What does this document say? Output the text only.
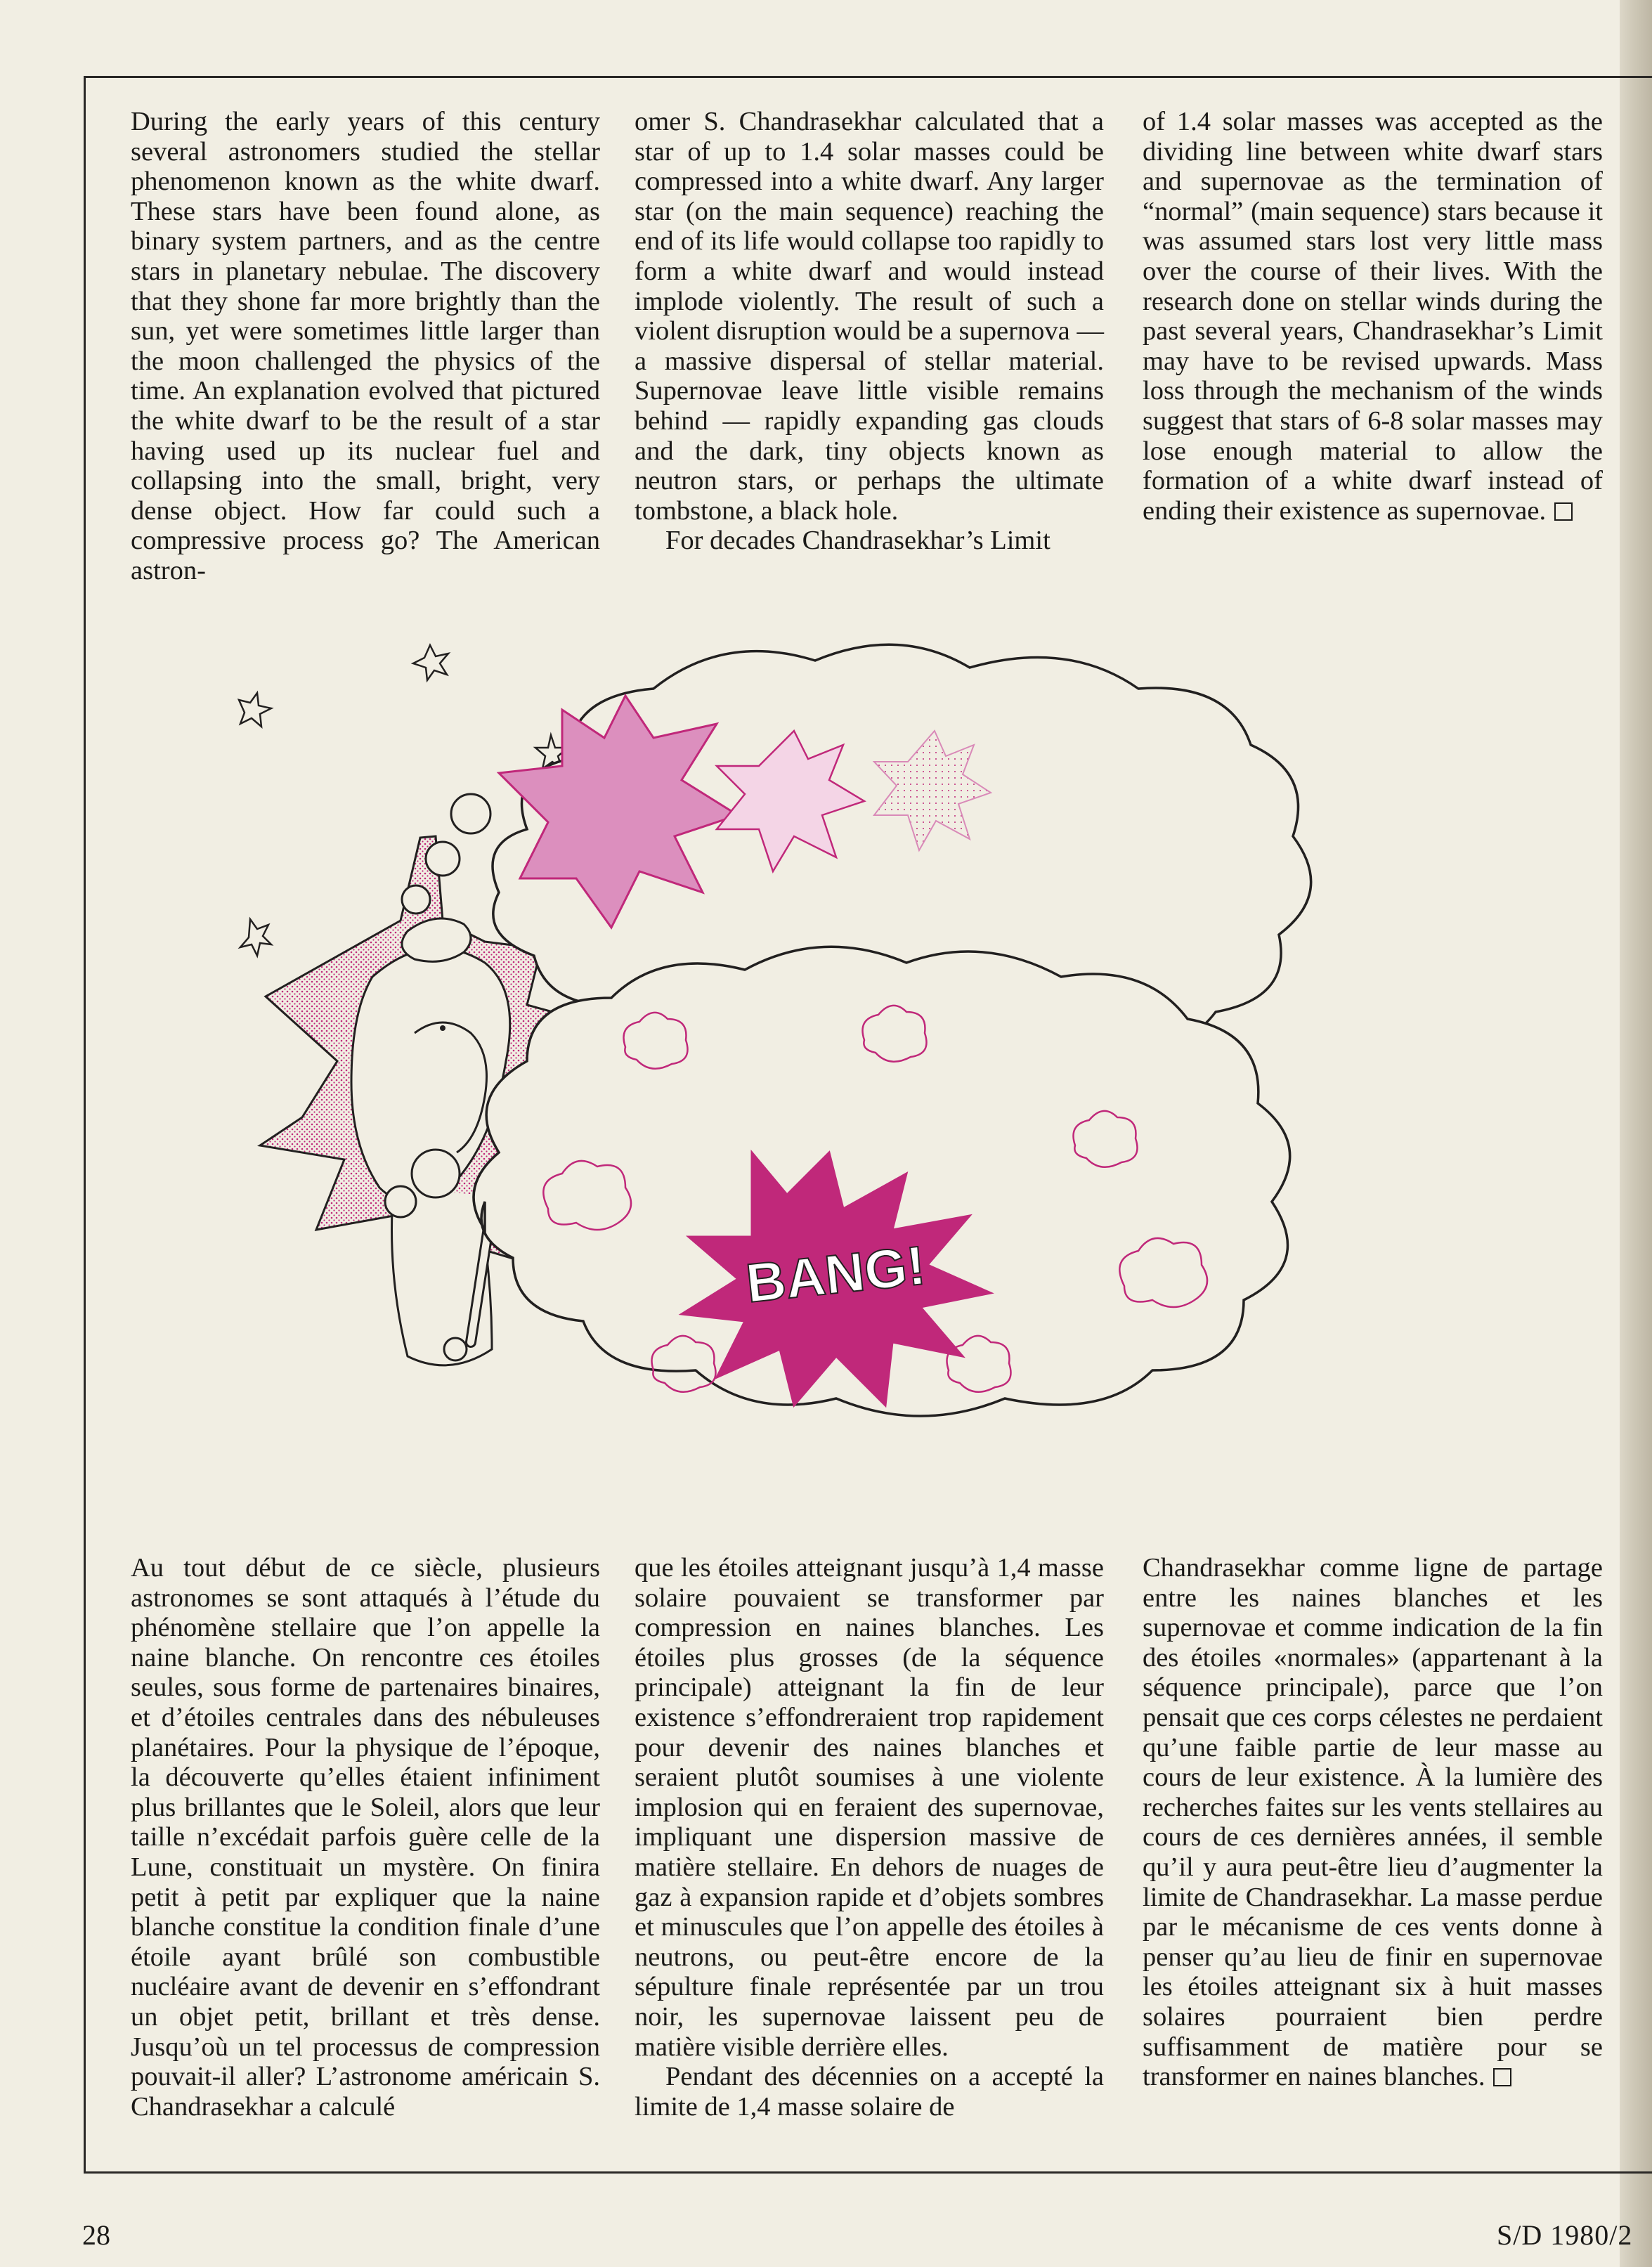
During the early years of this century several astronomers studied the stellar phenomenon known as the white dwarf. These stars have been found alone, as binary system partners, and as the centre stars in planetary nebulae. The discovery that they shone far more brightly than the sun, yet were sometimes little larger than the moon challenged the physics of the time. An explanation evolved that pictured the white dwarf to be the result of a star having used up its nuclear fuel and collapsing into the small, bright, very dense object. How far could such a compressive process go? The American astron-

omer S. Chandrasekhar calculated that a star of up to 1.4 solar masses could be compressed into a white dwarf. Any larger star (on the main sequence) reaching the end of its life would collapse too rapidly to form a white dwarf and would instead implode violently. The result of such a violent disruption would be a supernova — a massive dispersal of stellar material. Supernovae leave little visible remains behind — rapidly expanding gas clouds and the dark, tiny objects known as neutron stars, or perhaps the ultimate tombstone, a black hole.

For decades Chandrasekhar’s Limit

of 1.4 solar masses was accepted as the dividing line between white dwarf stars and supernovae as the termination of “normal” (main sequence) stars because it was assumed stars lost very little mass over the course of their lives. With the research done on stellar winds during the past several years, Chandrasekhar’s Limit may have to be revised upwards. Mass loss through the mechanism of the winds suggest that stars of 6-8 solar masses may lose enough material to allow the formation of a white dwarf instead of ending their existence as supernovae.

BANG!

Au tout début de ce siècle, plusieurs astronomes se sont attaqués à l’étude du phénomène stellaire que l’on appelle la naine blanche. On rencontre ces étoiles seules, sous forme de partenaires binaires, et d’étoiles centrales dans des nébuleuses planétaires. Pour la physique de l’époque, la découverte qu’elles étaient infiniment plus brillantes que le Soleil, alors que leur taille n’excédait parfois guère celle de la Lune, constituait un mystère. On finira petit à petit par expliquer que la naine blanche constitue la condition finale d’une étoile ayant brûlé son combustible nucléaire avant de devenir en s’effondrant un objet petit, brillant et très dense. Jusqu’où un tel processus de compression pouvait-il aller? L’astronome américain S. Chandrasekhar a calculé

que les étoiles atteignant jusqu’à 1,4 masse solaire pouvaient se transformer par compression en naines blanches. Les étoiles plus grosses (de la séquence principale) atteignant la fin de leur existence s’effondreraient trop rapidement pour devenir des naines blanches et seraient plutôt soumises à une violente implosion qui en feraient des supernovae, impliquant une dispersion massive de matière stellaire. En dehors de nuages de gaz à expansion rapide et d’objets sombres et minuscules que l’on appelle des étoiles à neutrons, ou peut-être encore de la sépulture finale représentée par un trou noir, les supernovae laissent peu de matière visible derrière elles.

Pendant des décennies on a accepté la limite de 1,4 masse solaire de

Chandrasekhar comme ligne de partage entre les naines blanches et les supernovae et comme indication de la fin des étoiles «normales» (appartenant à la séquence principale), parce que l’on pensait que ces corps célestes ne perdaient qu’une faible partie de leur masse au cours de leur existence. À la lumière des recherches faites sur les vents stellaires au cours de ces dernières années, il semble qu’il y aura peut-être lieu d’augmenter la limite de Chandrasekhar. La masse perdue par le mécanisme de ces vents donne à penser qu’au lieu de finir en supernovae les étoiles atteignant six à huit masses solaires pourraient bien perdre suffisamment de matière pour se transformer en naines blanches.

28	S/D 1980/2
